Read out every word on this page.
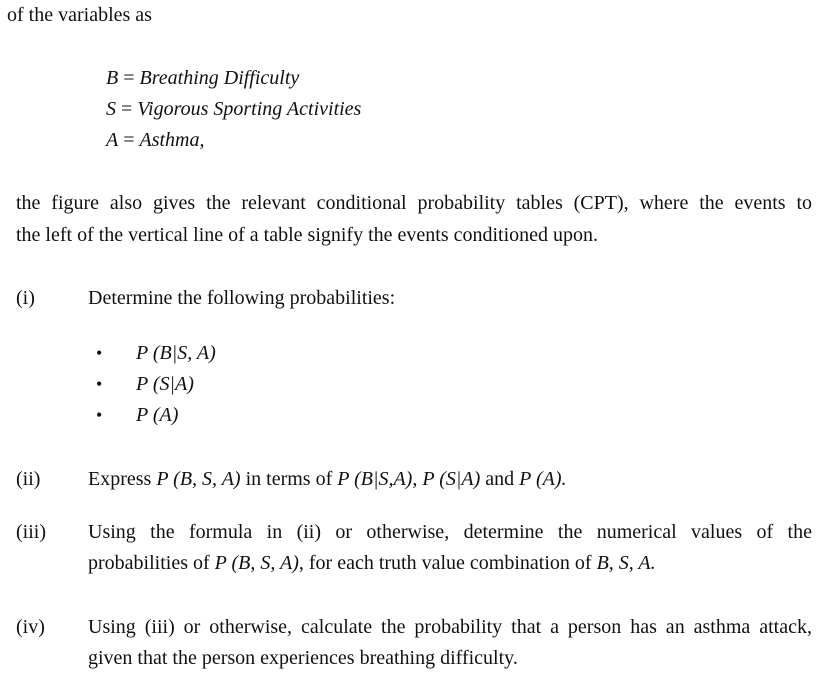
of the variables as
B = Breathing Difficulty
S = Vigorous Sporting Activities
A = Asthma,
the figure also gives the relevant conditional probability tables (CPT), where the events to
the left of the vertical line of a table signify the events conditioned upon.
(i)	Determine the following probabilities:
• P (B|S, A)
• P (S|A)
• P (A)
(ii) Express P (B, S, A) in terms of P (B|S,A), P (S|A) and P (A).
(iii) Using the formula in (ii) or otherwise, determine the numerical values of the
probabilities of P (B, S, A), for each truth value combination of B, S, A.
(iv) Using (iii) or otherwise, calculate the probability that a person has an asthma attack,
given that the person experiences breathing difficulty.
